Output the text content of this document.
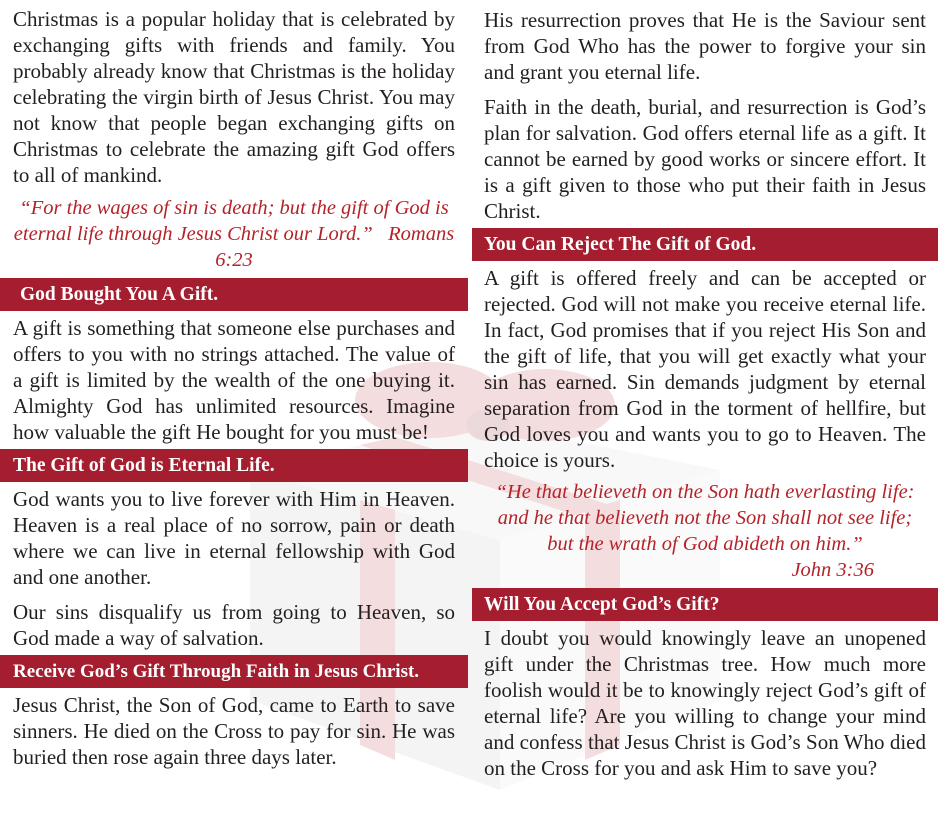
Christmas is a popular holiday that is celebrated by exchanging gifts with friends and family. You probably already know that Christmas is the holiday celebrating the virgin birth of Jesus Christ. You may not know that people began exchanging gifts on Christmas to celebrate the amazing gift God offers to all of mankind.

“For the wages of sin is death; but the gift of God is eternal life through Jesus Christ our Lord.” Romans 6:23

God Bought You A Gift.

A gift is something that someone else purchases and offers to you with no strings attached. The value of a gift is limited by the wealth of the one buying it. Almighty God has unlimited resources. Imagine how valuable the gift He bought for you must be!

The Gift of God is Eternal Life.

God wants you to live forever with Him in Heaven. Heaven is a real place of no sorrow, pain or death where we can live in eternal fellowship with God and one another.

Our sins disqualify us from going to Heaven, so God made a way of salvation.

Receive God’s Gift Through Faith in Jesus Christ.

Jesus Christ, the Son of God, came to Earth to save sinners. He died on the Cross to pay for sin. He was buried then rose again three days later.

His resurrection proves that He is the Saviour sent from God Who has the power to forgive your sin and grant you eternal life.

Faith in the death, burial, and resurrection is God’s plan for salvation. God offers eternal life as a gift. It cannot be earned by good works or sincere effort. It is a gift given to those who put their faith in Jesus Christ.

You Can Reject The Gift of God.

A gift is offered freely and can be accepted or rejected. God will not make you receive eternal life. In fact, God promises that if you reject His Son and the gift of life, that you will get exactly what your sin has earned. Sin demands judgment by eternal separation from God in the torment of hellfire, but God loves you and wants you to go to Heaven. The choice is yours.

“He that believeth on the Son hath everlasting life: and he that believeth not the Son shall not see life; but the wrath of God abideth on him.”

John 3:36

Will You Accept God’s Gift?

I doubt you would knowingly leave an unopened gift under the Christmas tree. How much more foolish would it be to knowingly reject God’s gift of eternal life? Are you willing to change your mind and confess that Jesus Christ is God’s Son Who died on the Cross for you and ask Him to save you?
